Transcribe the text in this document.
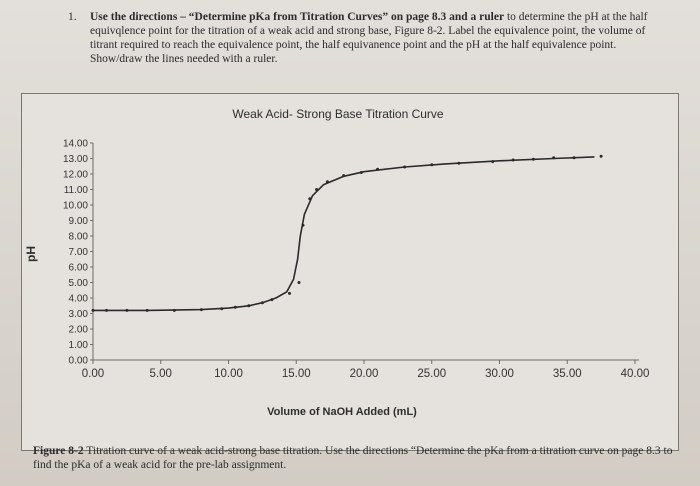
1. Use the directions – “Determine pKa from Titration Curves” on page 8.3 and a ruler to determine the pH at the half equivqlence point for the titration of a weak acid and strong base, Figure 8-2. Label the equivalence point, the volume of titrant required to reach the equivalence point, the half equivanence point and the pH at the half equivalence point. Show/draw the lines needed with a ruler.
Weak Acid- Strong Base Titration Curve
Volume of NaOH Added (mL)
pH
0.00
1.00
2.00
3.00
4.00
5.00
6.00
7.00
8.00
9.00
10.00
11.00
12.00
13.00
14.00
0.00	5.00	10.00	15.00	20.00	25.00	30.00	35.00	40.00
Figure 8-2 Titration curve of a weak acid-strong base titration. Use the directions “Determine the pKa from a titration curve on page 8.3 to find the pKa of a weak acid for the pre-lab assignment.
